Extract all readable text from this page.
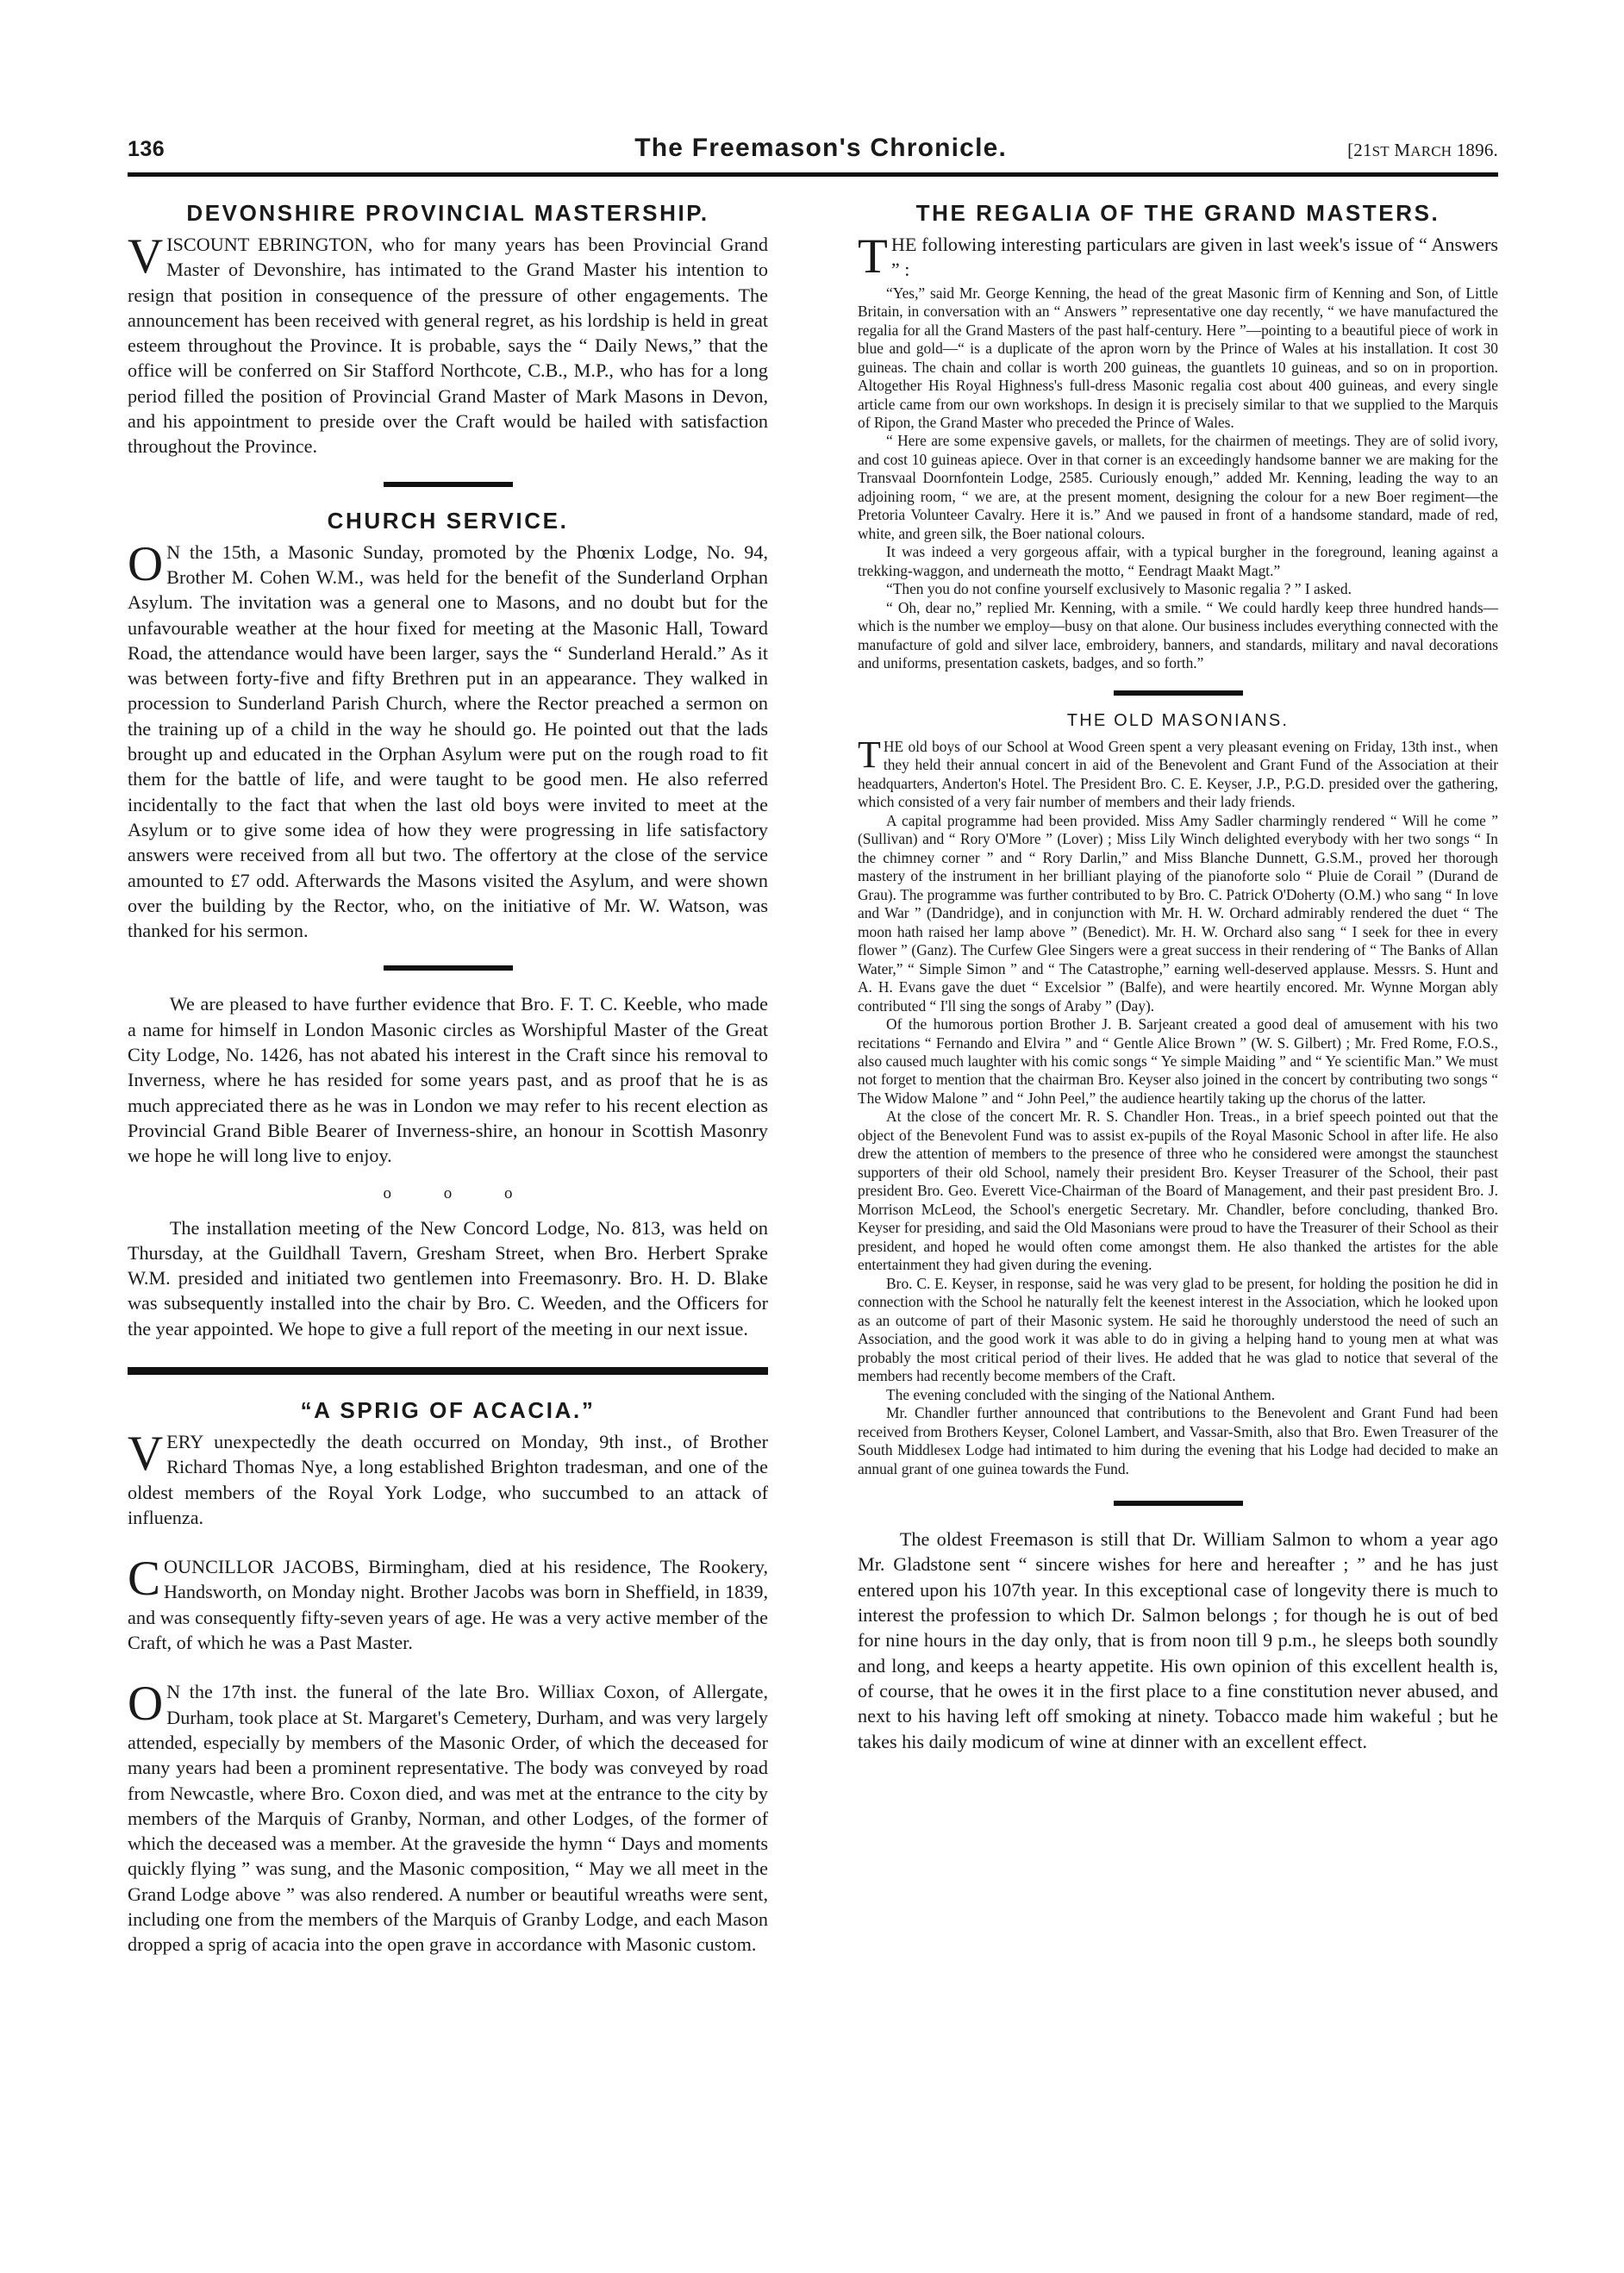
136	The Freemason's Chronicle.	[21ST MARCH 1896.
DEVONSHIRE PROVINCIAL MASTERSHIP.

VISCOUNT EBRINGTON, who for many years has been Provincial Grand Master of Devonshire, has intimated to the Grand Master his intention to resign that position in consequence of the pressure of other engagements. The announcement has been received with general regret, as his lordship is held in great esteem throughout the Province. It is probable, says the “ Daily News,” that the office will be conferred on Sir Stafford Northcote, C.B., M.P., who has for a long period filled the position of Provincial Grand Master of Mark Masons in Devon, and his appointment to preside over the Craft would be hailed with satisfaction throughout the Province.

CHURCH SERVICE.

ON the 15th, a Masonic Sunday, promoted by the Phœnix Lodge, No. 94, Brother M. Cohen W.M., was held for the benefit of the Sunderland Orphan Asylum. The invitation was a general one to Masons, and no doubt but for the unfavourable weather at the hour fixed for meeting at the Masonic Hall, Toward Road, the attendance would have been larger, says the “ Sunderland Herald.” As it was between forty-five and fifty Brethren put in an appearance. They walked in procession to Sunderland Parish Church, where the Rector preached a sermon on the training up of a child in the way he should go. He pointed out that the lads brought up and educated in the Orphan Asylum were put on the rough road to fit them for the battle of life, and were taught to be good men. He also referred incidentally to the fact that when the last old boys were invited to meet at the Asylum or to give some idea of how they were progressing in life satisfactory answers were received from all but two. The offertory at the close of the service amounted to £7 odd. Afterwards the Masons visited the Asylum, and were shown over the building by the Rector, who, on the initiative of Mr. W. Watson, was thanked for his sermon.

We are pleased to have further evidence that Bro. F. T. C. Keeble, who made a name for himself in London Masonic circles as Worshipful Master of the Great City Lodge, No. 1426, has not abated his interest in the Craft since his removal to Inverness, where he has resided for some years past, and as proof that he is as much appreciated there as he was in London we may refer to his recent election as Provincial Grand Bible Bearer of Inverness-shire, an honour in Scottish Masonry we hope he will long live to enjoy.

o o o

The installation meeting of the New Concord Lodge, No. 813, was held on Thursday, at the Guildhall Tavern, Gresham Street, when Bro. Herbert Sprake W.M. presided and initiated two gentlemen into Freemasonry. Bro. H. D. Blake was subsequently installed into the chair by Bro. C. Weeden, and the Officers for the year appointed. We hope to give a full report of the meeting in our next issue.

“A SPRIG OF ACACIA.”

VERY unexpectedly the death occurred on Monday, 9th inst., of Brother Richard Thomas Nye, a long established Brighton tradesman, and one of the oldest members of the Royal York Lodge, who succumbed to an attack of influenza.

COUNCILLOR JACOBS, Birmingham, died at his residence, The Rookery, Handsworth, on Monday night. Brother Jacobs was born in Sheffield, in 1839, and was consequently fifty-seven years of age. He was a very active member of the Craft, of which he was a Past Master.

ON the 17th inst. the funeral of the late Bro. Williax Coxon, of Allergate, Durham, took place at St. Margaret's Cemetery, Durham, and was very largely attended, especially by members of the Masonic Order, of which the deceased for many years had been a prominent representative. The body was conveyed by road from Newcastle, where Bro. Coxon died, and was met at the entrance to the city by members of the Marquis of Granby, Norman, and other Lodges, of the former of which the deceased was a member. At the graveside the hymn “ Days and moments quickly flying ” was sung, and the Masonic composition, “ May we all meet in the Grand Lodge above ” was also rendered. A number or beautiful wreaths were sent, including one from the members of the Marquis of Granby Lodge, and each Mason dropped a sprig of acacia into the open grave in accordance with Masonic custom.

THE REGALIA OF THE GRAND MASTERS.

THE following interesting particulars are given in last week's issue of “ Answers ” :

“Yes,” said Mr. George Kenning, the head of the great Masonic firm of Kenning and Son, of Little Britain, in conversation with an “ Answers ” representative one day recently, “ we have manufactured the regalia for all the Grand Masters of the past half-century. Here ”—pointing to a beautiful piece of work in blue and gold—“ is a duplicate of the apron worn by the Prince of Wales at his installation. It cost 30 guineas. The chain and collar is worth 200 guineas, the guantlets 10 guineas, and so on in proportion. Altogether His Royal Highness's full-dress Masonic regalia cost about 400 guineas, and every single article came from our own workshops. In design it is precisely similar to that we supplied to the Marquis of Ripon, the Grand Master who preceded the Prince of Wales.

“ Here are some expensive gavels, or mallets, for the chairmen of meetings. They are of solid ivory, and cost 10 guineas apiece. Over in that corner is an exceedingly handsome banner we are making for the Transvaal Doornfontein Lodge, 2585. Curiously enough,” added Mr. Kenning, leading the way to an adjoining room, “ we are, at the present moment, designing the colour for a new Boer regiment—the Pretoria Volunteer Cavalry. Here it is.” And we paused in front of a handsome standard, made of red, white, and green silk, the Boer national colours.

It was indeed a very gorgeous affair, with a typical burgher in the foreground, leaning against a trekking-waggon, and underneath the motto, “ Eendragt Maakt Magt.”

“Then you do not confine yourself exclusively to Masonic regalia ? ” I asked.

“ Oh, dear no,” replied Mr. Kenning, with a smile. “ We could hardly keep three hundred hands—which is the number we employ—busy on that alone. Our business includes everything connected with the manufacture of gold and silver lace, embroidery, banners, and standards, military and naval decorations and uniforms, presentation caskets, badges, and so forth.”

THE OLD MASONIANS.

THE old boys of our School at Wood Green spent a very pleasant evening on Friday, 13th inst., when they held their annual concert in aid of the Benevolent and Grant Fund of the Association at their headquarters, Anderton's Hotel. The President Bro. C. E. Keyser, J.P., P.G.D. presided over the gathering, which consisted of a very fair number of members and their lady friends.

A capital programme had been provided. Miss Amy Sadler charmingly rendered “ Will he come ” (Sullivan) and “ Rory O'More ” (Lover) ; Miss Lily Winch delighted everybody with her two songs “ In the chimney corner ” and “ Rory Darlin,” and Miss Blanche Dunnett, G.S.M., proved her thorough mastery of the instrument in her brilliant playing of the pianoforte solo “ Pluie de Corail ” (Durand de Grau). The programme was further contributed to by Bro. C. Patrick O'Doherty (O.M.) who sang “ In love and War ” (Dandridge), and in conjunction with Mr. H. W. Orchard admirably rendered the duet “ The moon hath raised her lamp above ” (Benedict). Mr. H. W. Orchard also sang “ I seek for thee in every flower ” (Ganz). The Curfew Glee Singers were a great success in their rendering of “ The Banks of Allan Water,” “ Simple Simon ” and “ The Catastrophe,” earning well-deserved applause. Messrs. S. Hunt and A. H. Evans gave the duet “ Excelsior ” (Balfe), and were heartily encored. Mr. Wynne Morgan ably contributed “ I'll sing the songs of Araby ” (Day).

Of the humorous portion Brother J. B. Sarjeant created a good deal of amusement with his two recitations “ Fernando and Elvira ” and “ Gentle Alice Brown ” (W. S. Gilbert) ; Mr. Fred Rome, F.O.S., also caused much laughter with his comic songs “ Ye simple Maiding ” and “ Ye scientific Man.” We must not forget to mention that the chairman Bro. Keyser also joined in the concert by contributing two songs “ The Widow Malone ” and “ John Peel,” the audience heartily taking up the chorus of the latter.

At the close of the concert Mr. R. S. Chandler Hon. Treas., in a brief speech pointed out that the object of the Benevolent Fund was to assist ex-pupils of the Royal Masonic School in after life. He also drew the attention of members to the presence of three who he considered were amongst the staunchest supporters of their old School, namely their president Bro. Keyser Treasurer of the School, their past president Bro. Geo. Everett Vice-Chairman of the Board of Management, and their past president Bro. J. Morrison McLeod, the School's energetic Secretary. Mr. Chandler, before concluding, thanked Bro. Keyser for presiding, and said the Old Masonians were proud to have the Treasurer of their School as their president, and hoped he would often come amongst them. He also thanked the artistes for the able entertainment they had given during the evening.

Bro. C. E. Keyser, in response, said he was very glad to be present, for holding the position he did in connection with the School he naturally felt the keenest interest in the Association, which he looked upon as an outcome of part of their Masonic system. He said he thoroughly understood the need of such an Association, and the good work it was able to do in giving a helping hand to young men at what was probably the most critical period of their lives. He added that he was glad to notice that several of the members had recently become members of the Craft.

The evening concluded with the singing of the National Anthem.

Mr. Chandler further announced that contributions to the Benevolent and Grant Fund had been received from Brothers Keyser, Colonel Lambert, and Vassar-Smith, also that Bro. Ewen Treasurer of the South Middlesex Lodge had intimated to him during the evening that his Lodge had decided to make an annual grant of one guinea towards the Fund.

The oldest Freemason is still that Dr. William Salmon to whom a year ago Mr. Gladstone sent “ sincere wishes for here and hereafter ; ” and he has just entered upon his 107th year. In this exceptional case of longevity there is much to interest the profession to which Dr. Salmon belongs ; for though he is out of bed for nine hours in the day only, that is from noon till 9 p.m., he sleeps both soundly and long, and keeps a hearty appetite. His own opinion of this excellent health is, of course, that he owes it in the first place to a fine constitution never abused, and next to his having left off smoking at ninety. Tobacco made him wakeful ; but he takes his daily modicum of wine at dinner with an excellent effect.
